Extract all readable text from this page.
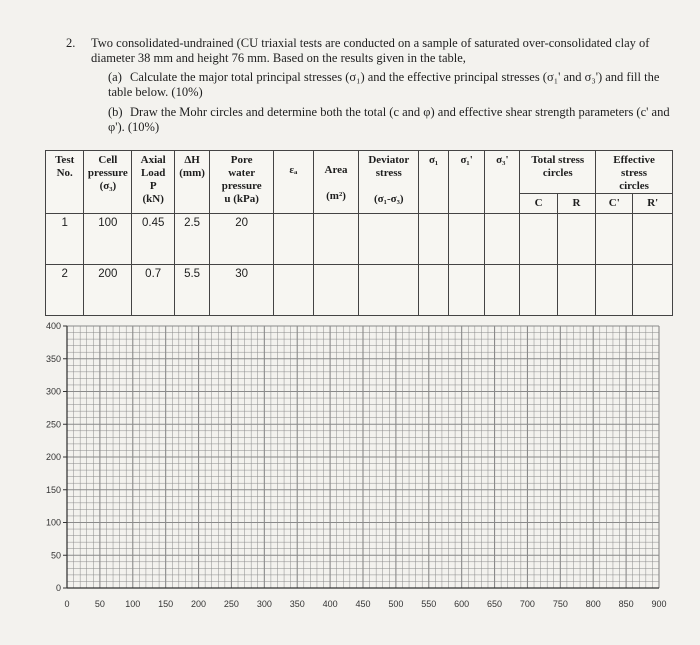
2. Two consolidated-undrained (CU triaxial tests are conducted on a sample of saturated over-consolidated clay of diameter 38 mm and height 76 mm. Based on the results given in the table,
(a) Calculate the major total principal stresses (σ₁) and the effective principal stresses (σ₁' and σ₃') and fill the table below. (10%)
(b) Draw the Mohr circles and determine both the total (c and φ) and effective shear strength parameters (c' and φ'). (10%)
Test
No.	Cell
pressure
(σ₃)	Axial
Load
P
(kN)	ΔH
(mm)	Pore
water
pressure
u (kPa)	εₐ	Area
(m²)	Deviator
stress
(σ₁-σ₃)	σ₁	σ₁'	σ₃'	Total stress
circles		Effective
stress
circles	

											C	R	C'	R'
1	100	0.45	2.5	20										
2	200	0.7	5.5	30										
0	50 100 150 200 250 300 350 400 450 500 550 600 650 700 750 800 850 900
400
350
300
250
200
150
100
50
0
